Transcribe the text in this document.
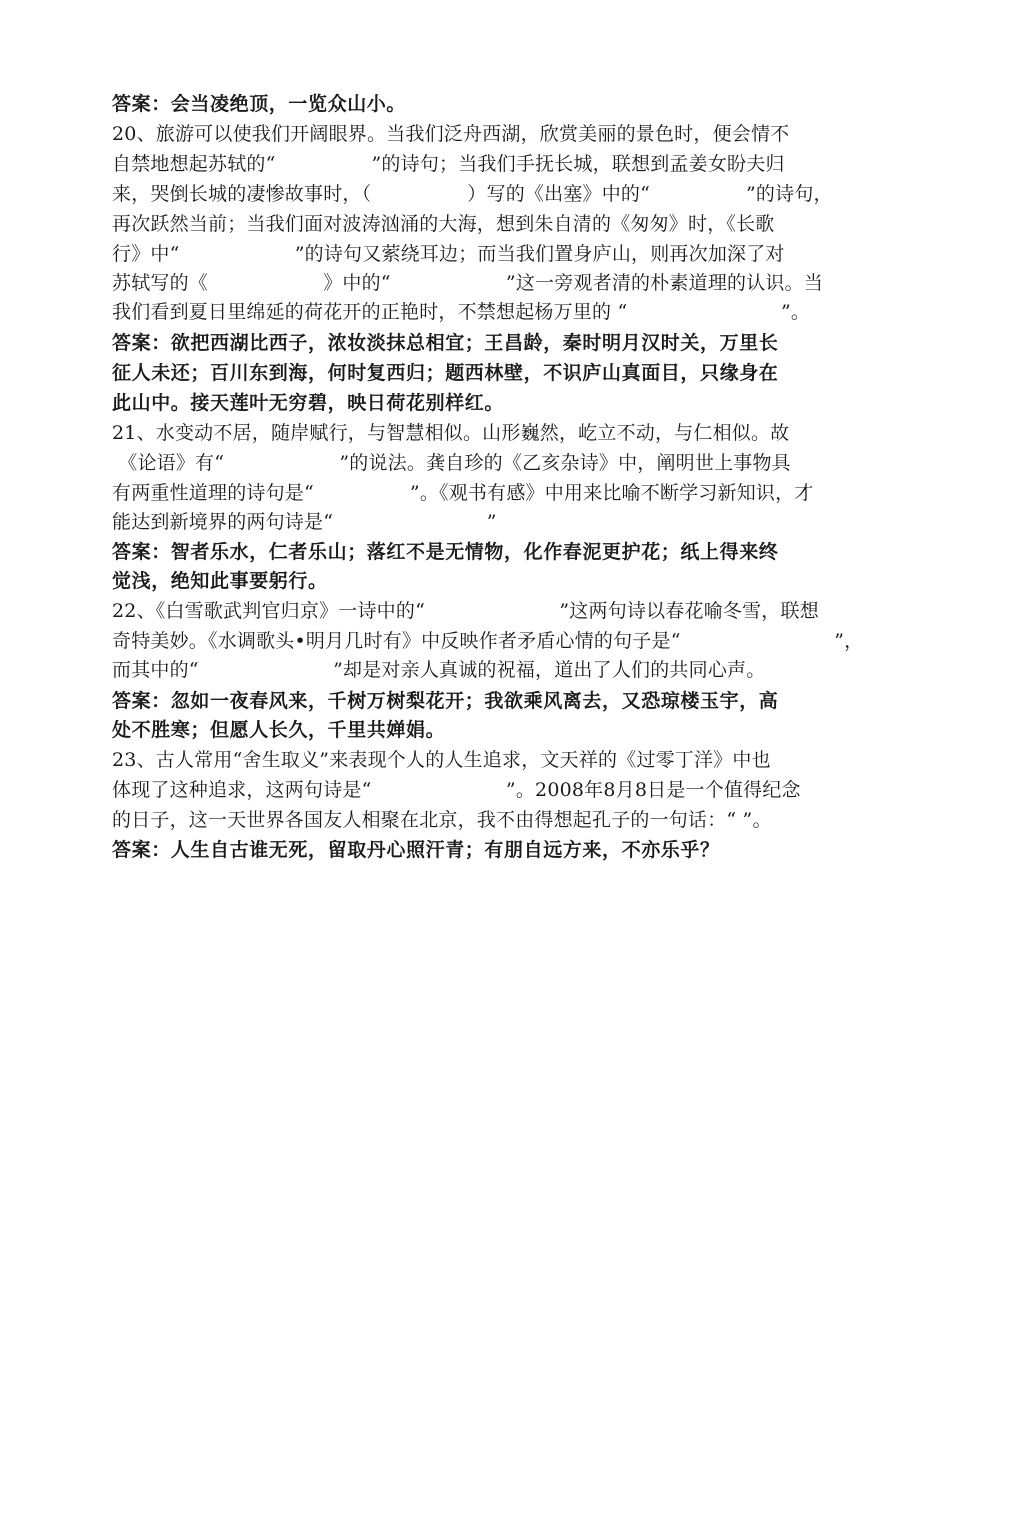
答案：会当凌绝顶，一览众山小。
20、旅游可以使我们开阔眼界。当我们泛舟西湖，欣赏美丽的景色时，便会情不
自禁地想起苏轼的“　　　　　”的诗句；当我们手抚长城，联想到孟姜女盼夫归
来，哭倒长城的凄惨故事时，（　　　　　）写的《出塞》中的“　　　　　”的诗句，
再次跃然当前；当我们面对波涛汹涌的大海，想到朱自清的《匆匆》时，《长歌
行》中“　　　　　　”的诗句又萦绕耳边；而当我们置身庐山，则再次加深了对
苏轼写的《　　　　　　》中的“　　　　　　”这一旁观者清的朴素道理的认识。当
我们看到夏日里绵延的荷花开的正艳时，不禁想起杨万里的 “　　　　　　　　”。
答案：欲把西湖比西子，浓妆淡抹总相宜；王昌龄，秦时明月汉时关，万里长
征人未还；百川东到海，何时复西归；题西林壁，不识庐山真面目，只缘身在
此山中。接天莲叶无穷碧，映日荷花别样红。
21、水变动不居，随岸赋行，与智慧相似。山形巍然，屹立不动，与仁相似。故
《论语》有“　　　　　　”的说法。龚自珍的《乙亥杂诗》中，阐明世上事物具
有两重性道理的诗句是“　　　　　”。《观书有感》中用来比喻不断学习新知识，才
能达到新境界的两句诗是“　　　　　　　　”
答案：智者乐水，仁者乐山；落红不是无情物，化作春泥更护花；纸上得来终
觉浅，绝知此事要躬行。
22、《白雪歌武判官归京》一诗中的“　　　　　　　”这两句诗以春花喻冬雪，联想
奇特美妙。《水调歌头•明月几时有》中反映作者矛盾心情的句子是“　　　　　　　　”，
而其中的“　　　　　　　”却是对亲人真诚的祝福，道出了人们的共同心声。
答案：忽如一夜春风来，千树万树梨花开；我欲乘风离去，又恐琼楼玉宇，高
处不胜寒；但愿人长久，千里共婵娟。
23、古人常用“舍生取义”来表现个人的人生追求，文天祥的《过零丁洋》中也
体现了这种追求，这两句诗是“　　　　　　　”。2008年8月8日是一个值得纪念
的日子，这一天世界各国友人相聚在北京，我不由得想起孔子的一句话：“ ”。
答案：人生自古谁无死，留取丹心照汗青；有朋自远方来，不亦乐乎？
